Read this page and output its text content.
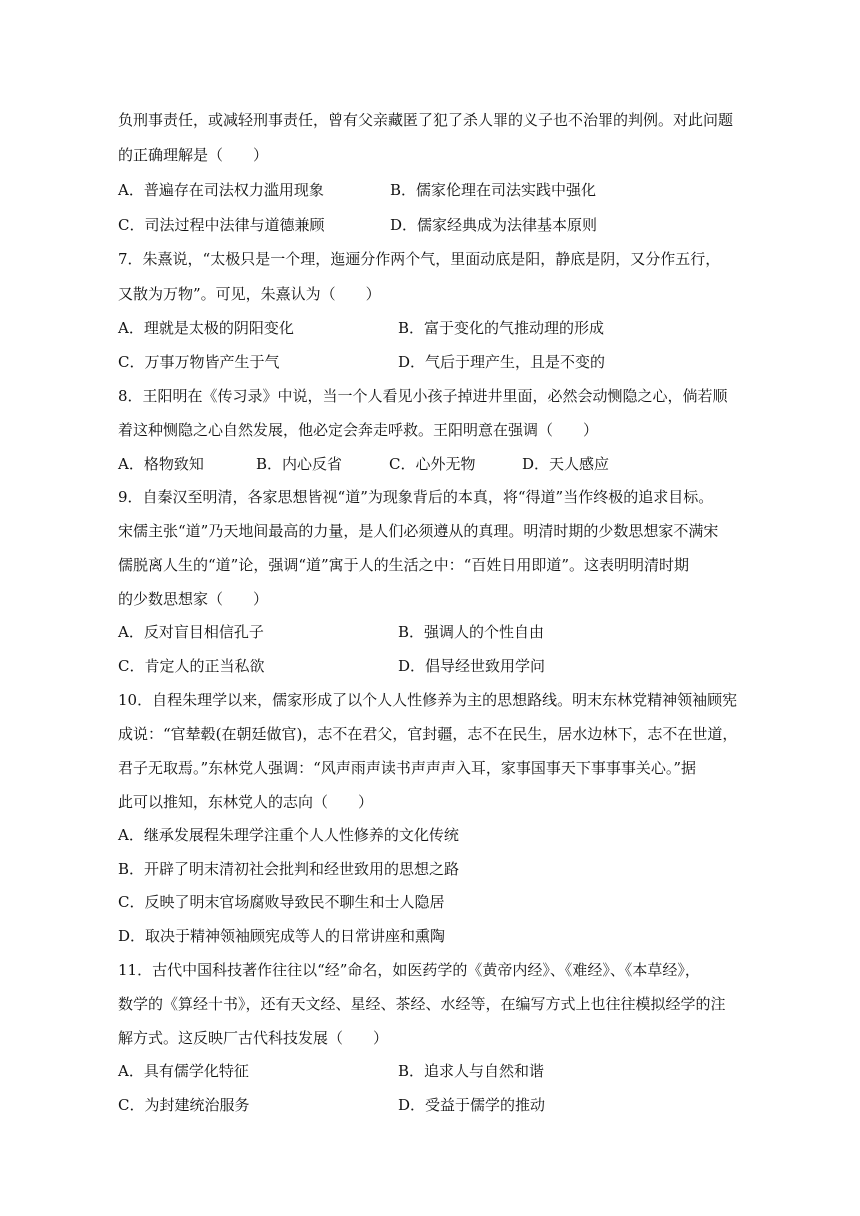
负刑事责任，或减轻刑事责任，曾有父亲藏匿了犯了杀人罪的义子也不治罪的判例。对此问题
的正确理解是（　　）
A．普遍存在司法权力滥用现象	B．儒家伦理在司法实践中强化
C．司法过程中法律与道德兼顾	D．儒家经典成为法律基本原则
7．朱熹说，“太极只是一个理，迤逦分作两个气，里面动底是阳，静底是阴，又分作五行，
又散为万物”。可见，朱熹认为（　　）
A．理就是太极的阴阳变化	B．富于变化的气推动理的形成
C．万事万物皆产生于气	D．气后于理产生，且是不变的
8．王阳明在《传习录》中说，当一个人看见小孩子掉进井里面，必然会动恻隐之心，倘若顺
着这种恻隐之心自然发展，他必定会奔走呼救。王阳明意在强调（　　）
A．格物致知	B．内心反省	C．心外无物	D．天人感应
9．自秦汉至明清，各家思想皆视“道”为现象背后的本真，将“得道”当作终极的追求目标。
宋儒主张“道”乃天地间最高的力量，是人们必须遵从的真理。明清时期的少数思想家不满宋
儒脱离人生的“道”论，强调“道”寓于人的生活之中：“百姓日用即道”。这表明明清时期
的少数思想家（　　）
A．反对盲目相信孔子	B．强调人的个性自由
C．肯定人的正当私欲	D．倡导经世致用学问
10．自程朱理学以来，儒家形成了以个人人性修养为主的思想路线。明末东林党精神领袖顾宪
成说：“官辇毂(在朝廷做官)，志不在君父，官封疆，志不在民生，居水边林下，志不在世道，
君子无取焉。”东林党人强调：“风声雨声读书声声声入耳，家事国事天下事事事关心。”据
此可以推知，东林党人的志向（　　）
A．继承发展程朱理学注重个人人性修养的文化传统
B．开辟了明末清初社会批判和经世致用的思想之路
C．反映了明末官场腐败导致民不聊生和士人隐居
D．取决于精神领袖顾宪成等人的日常讲座和熏陶
11．古代中国科技著作往往以“经”命名，如医药学的《黄帝内经》、《难经》、《本草经》，
数学的《算经十书》，还有天文经、星经、茶经、水经等，在编写方式上也往往模拟经学的注
解方式。这反映厂古代科技发展（　　）
A．具有儒学化特征	B．追求人与自然和谐
C．为封建统治服务	D．受益于儒学的推动
